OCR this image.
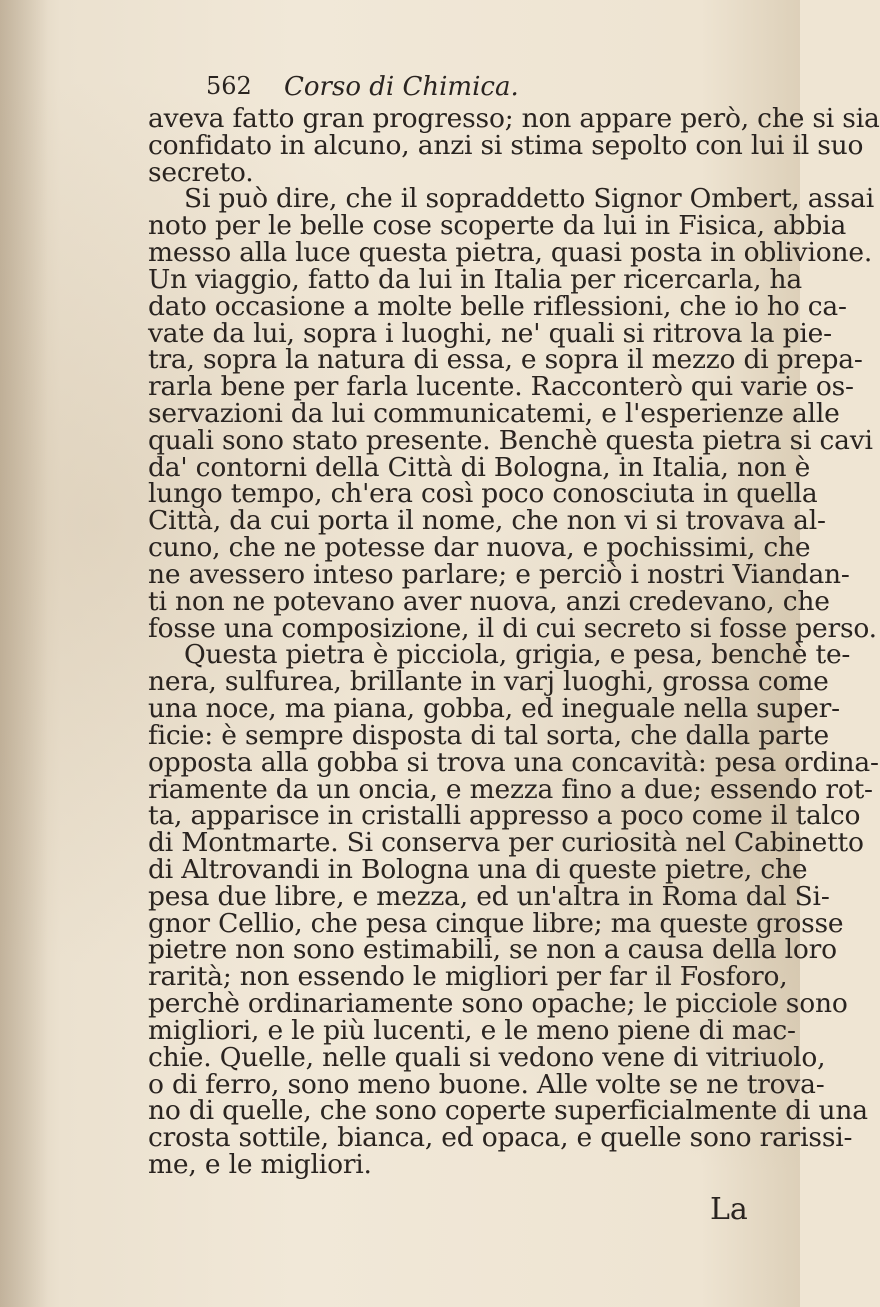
562 Corso di Chimica.
aveva fatto gran progresso; non appare però, che si sia
confidato in alcuno, anzi si stima sepolto con lui il suo
secreto.
Si può dire, che il sopraddetto Signor Ombert, assai
noto per le belle cose scoperte da lui in Fisica, abbia
messo alla luce questa pietra, quasi posta in oblivione.
Un viaggio, fatto da lui in Italia per ricercarla, ha
dato occasione a molte belle riflessioni, che io ho ca-
vate da lui, sopra i luoghi, ne' quali si ritrova la pie-
tra, sopra la natura di essa, e sopra il mezzo di prepa-
rarla bene per farla lucente. Racconterò qui varie os-
servazioni da lui communicatemi, e l'esperienze alle
quali sono stato presente. Benchè questa pietra si cavi
da' contorni della Città di Bologna, in Italia, non è
lungo tempo, ch'era così poco conosciuta in quella
Città, da cui porta il nome, che non vi si trovava al-
cuno, che ne potesse dar nuova, e pochissimi, che
ne avessero inteso parlare; e perciò i nostri Viandan-
ti non ne potevano aver nuova, anzi credevano, che
fosse una composizione, il di cui secreto si fosse perso.
Questa pietra è picciola, grigia, e pesa, benchè te-
nera, sulfurea, brillante in varj luoghi, grossa come
una noce, ma piana, gobba, ed ineguale nella super-
ficie: è sempre disposta di tal sorta, che dalla parte
opposta alla gobba si trova una concavità: pesa ordina-
riamente da un oncia, e mezza fino a due; essendo rot-
ta, apparisce in cristalli appresso a poco come il talco
di Montmarte. Si conserva per curiosità nel Cabinetto
di Altrovandi in Bologna una di queste pietre, che
pesa due libre, e mezza, ed un'altra in Roma dal Si-
gnor Cellio, che pesa cinque libre; ma queste grosse
pietre non sono estimabili, se non a causa della loro
rarità; non essendo le migliori per far il Fosforo,
perchè ordinariamente sono opache; le picciole sono
migliori, e le più lucenti, e le meno piene di mac-
chie. Quelle, nelle quali si vedono vene di vitriuolo,
o di ferro, sono meno buone. Alle volte se ne trova-
no di quelle, che sono coperte superficialmente di una
crosta sottile, bianca, ed opaca, e quelle sono rarissi-
me, e le migliori.
La
